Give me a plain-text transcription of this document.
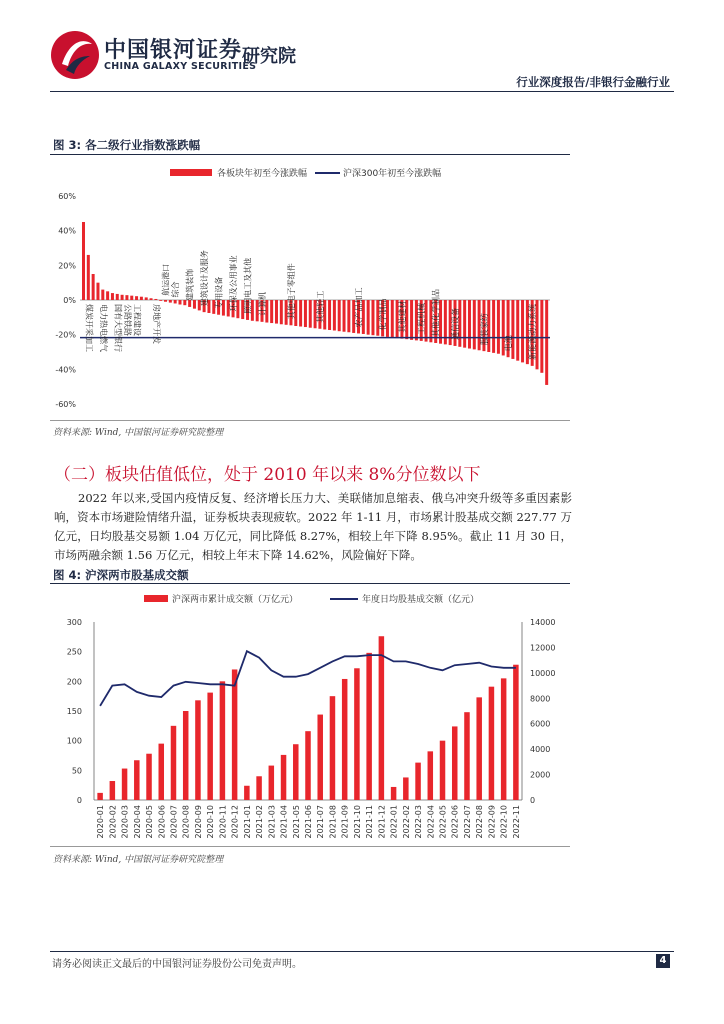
中国银河证券
CHINA GALAXY SECURITIES
研究院
行业深度报告/非银行金融行业
图 3: 各二级行业指数涨跌幅
各板块年初至今涨跌幅	沪深300年初至今涨跌幅
60%
40%
20%
0%
-20%
-40%
-60%
煤炭开采加工 电力热电燃气 国有大型银行 公路铁路 工程建设 房地产开发
航运港口 综合 建筑装饰 建筑设计及服务 专用设备 环保及公用事业 照明电工及其他 计算机 其他电子零组件 其他轻工	农产品加工 化学制品 其他建材 工程机械 其他化学制品 通信设备 服装家纺 电池 新能源动力系统
资料来源: Wind, 中国银河证券研究院整理
（二）板块估值低位，处于 2010 年以来 8%分位数以下
2022 年以来,受国内疫情反复、经济增长压力大、美联储加息缩表、俄乌冲突升级等多重因素影响，资本市场避险情绪升温，证券板块表现疲软。2022 年 1-11 月，市场累计股基成交额 227.77 万亿元，日均股基交易额 1.04 万亿元，同比降低 8.27%，相较上年下降 8.95%。截止 11 月 30 日，市场两融余额 1.56 万亿元，相较上年末下降 14.62%，风险偏好下降。
图 4: 沪深两市股基成交额
沪深两市累计成交额（万亿元）	年度日均股基成交额（亿元）
300
250
200
150
100
50
0
14000
12000
10000
8000
6000
4000
2000
0
2020-01 2020-02 2020-03 2020-04 2020-05 2020-06 2020-07 2020-08 2020-09 2020-10 2020-11 2020-12 2021-01 2021-02 2021-03 2021-04 2021-05 2021-06 2021-07 2021-08 2021-09 2021-10 2021-11 2021-12 2022-01 2022-02 2022-03 2022-04 2022-05 2022-06 2022-07 2022-08 2022-09 2022-10 2022-11
资料来源: Wind, 中国银河证券研究院整理
请务必阅读正文最后的中国银河证券股份公司免责声明。	4
